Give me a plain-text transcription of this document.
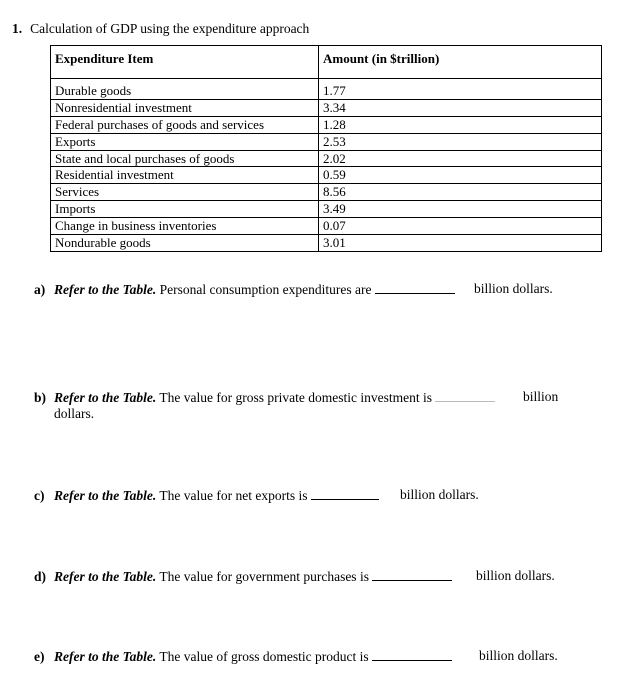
1. Calculation of GDP using the expenditure approach
Expenditure Item	Amount (in $trillion)
Durable goods	1.77
Nonresidential investment	3.34
Federal purchases of goods and services	1.28
Exports	2.53
State and local purchases of goods	2.02
Residential investment	0.59
Services	8.56
Imports	3.49
Change in business inventories	0.07
Nondurable goods	3.01
a) Refer to the Table. Personal consumption expenditures are	billion dollars.
b) Refer to the Table. The value for gross private domestic investment is	billion
dollars.
c) Refer to the Table. The value for net exports is	billion dollars.
d) Refer to the Table. The value for government purchases is	billion dollars.
e) Refer to the Table. The value of gross domestic product is	billion dollars.
